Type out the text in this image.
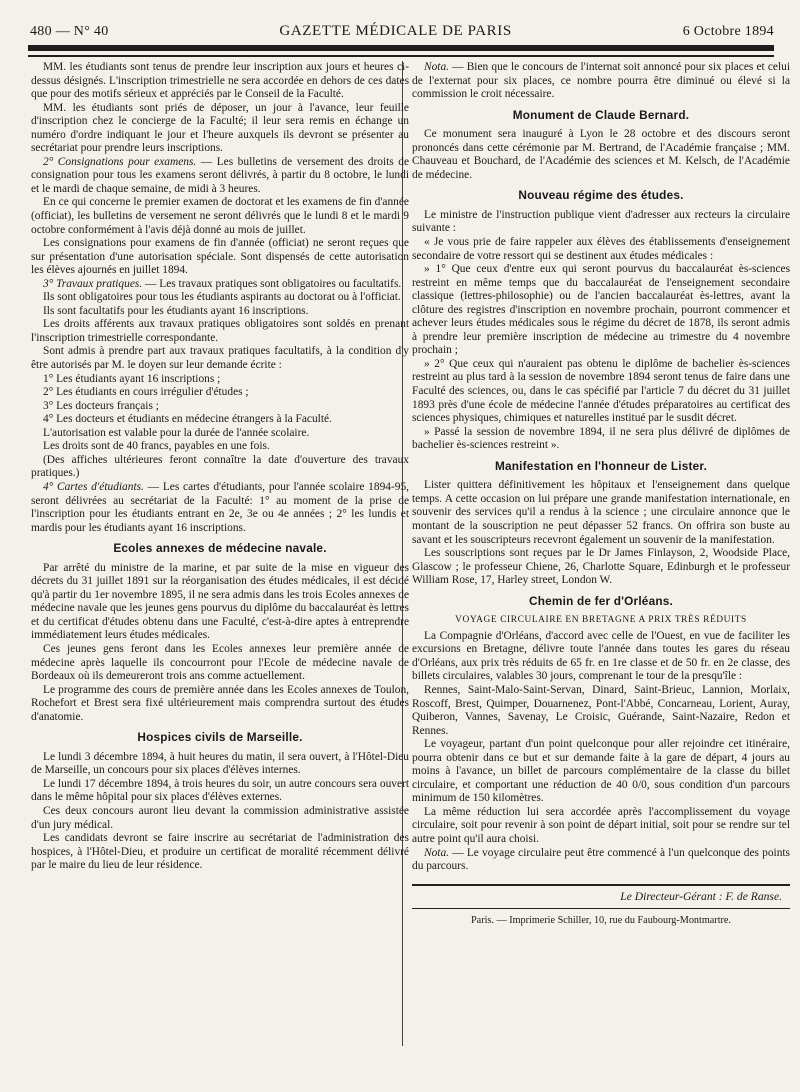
480 — N° 40	GAZETTE MÉDICALE DE PARIS	6 Octobre 1894

MM. les étudiants sont tenus de prendre leur inscription aux jours et heures ci-dessus désignés. L'inscription trimestrielle ne sera accordée en dehors de ces dates que pour des motifs sérieux et appréciés par le Conseil de la Faculté.

MM. les étudiants sont priés de déposer, un jour à l'avance, leur feuille d'inscription chez le concierge de la Faculté; il leur sera remis en échange un numéro d'ordre indiquant le jour et l'heure auxquels ils devront se présenter au secrétariat pour prendre leurs inscriptions.

2° Consignations pour examens. — Les bulletins de versement des droits de consignation pour tous les examens seront délivrés, à partir du 8 octobre, le lundi et le mardi de chaque semaine, de midi à 3 heures.

En ce qui concerne le premier examen de doctorat et les examens de fin d'année (officiat), les bulletins de versement ne seront délivrés que le lundi 8 et le mardi 9 octobre conformément à l'avis déjà donné au mois de juillet.

Les consignations pour examens de fin d'année (officiat) ne seront reçues que sur présentation d'une autorisation spéciale. Sont dispensés de cette autorisation les élèves ajournés en juillet 1894.

3° Travaux pratiques. — Les travaux pratiques sont obligatoires ou facultatifs.

Ils sont obligatoires pour tous les étudiants aspirants au doctorat ou à l'officiat.

Ils sont facultatifs pour les étudiants ayant 16 inscriptions.

Les droits afférents aux travaux pratiques obligatoires sont soldés en prenant l'inscription trimestrielle correspondante.

Sont admis à prendre part aux travaux pratiques facultatifs, à la condition d'y être autorisés par M. le doyen sur leur demande écrite :

1° Les étudiants ayant 16 inscriptions ;

2° Les étudiants en cours irrégulier d'études ;

3° Les docteurs français ;

4° Les docteurs et étudiants en médecine étrangers à la Faculté.

L'autorisation est valable pour la durée de l'année scolaire.

Les droits sont de 40 francs, payables en une fois.

(Des affiches ultérieures feront connaître la date d'ouverture des travaux pratiques.)

4° Cartes d'étudiants. — Les cartes d'étudiants, pour l'année scolaire 1894-95, seront délivrées au secrétariat de la Faculté: 1° au moment de la prise de l'inscription pour les étudiants entrant en 2e, 3e ou 4e années ; 2° les lundis et mardis pour les étudiants ayant 16 inscriptions.

Ecoles annexes de médecine navale.

Par arrêté du ministre de la marine, et par suite de la mise en vigueur des décrets du 31 juillet 1891 sur la réorganisation des études médicales, il est décidé qu'à partir du 1er novembre 1895, il ne sera admis dans les trois Ecoles annexes de médecine navale que les jeunes gens pourvus du diplôme du baccalauréat ès lettres et du certificat d'études obtenu dans une Faculté, c'est-à-dire aptes à entreprendre immédiatement leurs études médicales.

Ces jeunes gens feront dans les Ecoles annexes leur première année de médecine après laquelle ils concourront pour l'Ecole de médecine navale de Bordeaux où ils demeureront trois ans comme actuellement.

Le programme des cours de première année dans les Ecoles annexes de Toulon, Rochefort et Brest sera fixé ultérieurement mais comprendra surtout des études d'anatomie.

Hospices civils de Marseille.

Le lundi 3 décembre 1894, à huit heures du matin, il sera ouvert, à l'Hôtel-Dieu de Marseille, un concours pour six places d'élèves internes.

Le lundi 17 décembre 1894, à trois heures du soir, un autre concours sera ouvert dans le même hôpital pour six places d'élèves externes.

Ces deux concours auront lieu devant la commission administrative assistée d'un jury médical.

Les candidats devront se faire inscrire au secrétariat de l'administration des hospices, à l'Hôtel-Dieu, et produire un certificat de moralité récemment délivré par le maire du lieu de leur résidence.

Nota. — Bien que le concours de l'internat soit annoncé pour six places et celui de l'externat pour six places, ce nombre pourra être diminué ou élevé si la commission le croit nécessaire.

Monument de Claude Bernard.

Ce monument sera inauguré à Lyon le 28 octobre et des discours seront prononcés dans cette cérémonie par M. Bertrand, de l'Académie française ; MM. Chauveau et Bouchard, de l'Académie des sciences et M. Kelsch, de l'Académie de médecine.

Nouveau régime des études.

Le ministre de l'instruction publique vient d'adresser aux recteurs la circulaire suivante :

« Je vous prie de faire rappeler aux élèves des établissements d'enseignement secondaire de votre ressort qui se destinent aux études médicales :

» 1° Que ceux d'entre eux qui seront pourvus du baccalauréat ès-sciences restreint en même temps que du baccalauréat de l'enseignement secondaire classique (lettres-philosophie) ou de l'ancien baccalauréat ès-lettres, avant la clôture des registres d'inscription en novembre prochain, pourront commencer et achever leurs études médicales sous le régime du décret de 1878, ils seront admis à prendre leur première inscription de médecine au trimestre du 4 novembre prochain ;

» 2° Que ceux qui n'auraient pas obtenu le diplôme de bachelier ès-sciences restreint au plus tard à la session de novembre 1894 seront tenus de faire dans une Faculté des sciences, ou, dans le cas spécifié par l'article 7 du décret du 31 juillet 1893 près d'une école de médecine l'année d'études préparatoires au certificat des sciences physiques, chimiques et naturelles institué par le susdit décret.

» Passé la session de novembre 1894, il ne sera plus délivré de diplômes de bachelier ès-sciences restreint ».

Manifestation en l'honneur de Lister.

Lister quittera définitivement les hôpitaux et l'enseignement dans quelque temps. A cette occasion on lui prépare une grande manifestation internationale, en souvenir des services qu'il a rendus à la science ; une circulaire annonce que le montant de la souscription ne peut dépasser 52 francs. On offrira son buste au savant et les souscripteurs recevront également un souvenir de la manifestation.

Les souscriptions sont reçues par le Dr James Finlayson, 2, Woodside Place, Glascow ; le professeur Chiene, 26, Charlotte Square, Edinburgh et le professeur William Rose, 17, Harley street, London W.

Chemin de fer d'Orléans.
VOYAGE CIRCULAIRE EN BRETAGNE A PRIX TRÈS RÉDUITS

La Compagnie d'Orléans, d'accord avec celle de l'Ouest, en vue de faciliter les excursions en Bretagne, délivre toute l'année dans toutes les gares du réseau d'Orléans, aux prix très réduits de 65 fr. en 1re classe et de 50 fr. en 2e classe, des billets circulaires, valables 30 jours, comprenant le tour de la presqu'île :

Rennes, Saint-Malo-Saint-Servan, Dinard, Saint-Brieuc, Lannion, Morlaix, Roscoff, Brest, Quimper, Douarnenez, Pont-l'Abbé, Concarneau, Lorient, Auray, Quiberon, Vannes, Savenay, Le Croisic, Guérande, Saint-Nazaire, Redon et Rennes.

Le voyageur, partant d'un point quelconque pour aller rejoindre cet itinéraire, pourra obtenir dans ce but et sur demande faite à la gare de départ, 4 jours au moins à l'avance, un billet de parcours complémentaire de la classe du billet circulaire, et comportant une réduction de 40 0/0, sous condition d'un parcours minimum de 150 kilomètres.

La même réduction lui sera accordée après l'accomplissement du voyage circulaire, soit pour revenir à son point de départ initial, soit pour se rendre sur tel autre point qu'il aura choisi.

Nota. — Le voyage circulaire peut être commencé à l'un quelconque des points du parcours.

Le Directeur-Gérant : F. de Ranse.
Paris. — Imprimerie Schiller, 10, rue du Faubourg-Montmartre.
